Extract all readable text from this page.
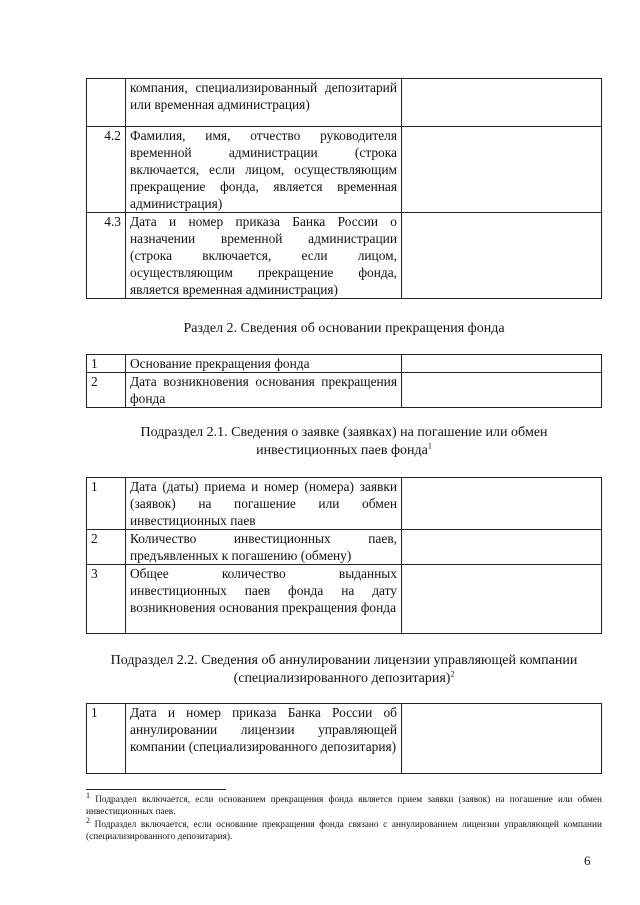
	компания, специализированный депозитарий или временная администрация)	
4.2	Фамилия, имя, отчество руководителя временной администрации (строка включается, если лицом, осуществляющим прекращение фонда, является временная администрация)	
4.3	Дата и номер приказа Банка России о назначении временной администрации (строка включается, если лицом, осуществляющим прекращение фонда, является временная администрация)	
Раздел 2. Сведения об основании прекращения фонда
1	Основание прекращения фонда	
2	Дата возникновения основания прекращения фонда	
Подраздел 2.1. Сведения о заявке (заявках) на погашение или обмен инвестиционных паев фонда$^1$
1	Дата (даты) приема и номер (номера) заявки (заявок) на погашение или обмен инвестиционных паев	
2	Количество инвестиционных паев, предъявленных к погашению (обмену)	
3	Общее количество выданных инвестиционных паев фонда на дату возникновения основания прекращения фонда	
Подраздел 2.2. Сведения об аннулировании лицензии управляющей компании (специализированного депозитария)$^2$
1	Дата и номер приказа Банка России об аннулировании лицензии управляющей компании (специализированного депозитария)	
$^1$ Подраздел включается, если основанием прекращения фонда является прием заявки (заявок) на погашение или обмен инвестиционных паев.
$^2$ Подраздел включается, если основание прекращения фонда связано с аннулированием лицензии управляющей компании (специализированного депозитария).
6
